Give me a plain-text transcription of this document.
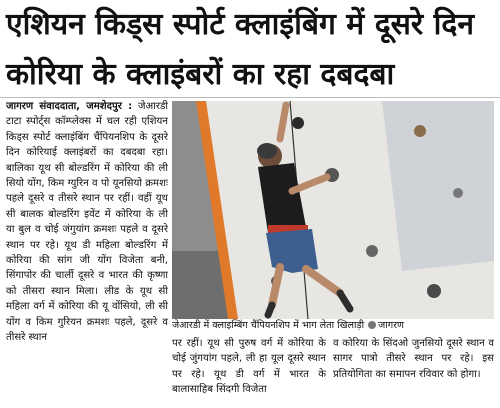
एशियन किड्स स्पोर्ट क्लाइंबिंग में दूसरे दिन
कोरिया के क्लाइंबरों का रहा दबदबा
जागरण संवाददाता, जमशेदपुर : जेआरडी टाटा स्पोर्ट्स कॉम्प्लेक्स में चल रही एशियन किड्स स्पोर्ट क्लाइंबिंग चैंपियनशिप के दूसरे दिन कोरियाई क्लाइंबरों का दबदबा रहा। बालिका यूथ सी बोल्डरिंग में कोरिया की ली सियो योंग, किम ग्युरिन व पो यूनसियो क्रमशः पहले दूसरे व तीसरे स्थान पर रहीं। वहीं यूथ सी बालक बोल्डरिंग इवेंट में कोरिया के ली या बुल व चोई जंगुयांग क्रमशः पहले व दूसरे स्थान पर रहे। यूथ डी महिला बोल्डरिंग में कोरिया की सांग जी योंग विजेता बनी, सिंगापोर की चार्ली दूसरे व भारत की कृष्णा को तीसरा स्थान मिला। लीड के यूथ सी महिला वर्ग में कोरिया की यू वोंसियो, ली सी योंग व किम गुरियन क्रमशः पहले, दूसरे व तीसरे स्थान
जेआरडी में क्लाइम्बिंग चैंपियनशिप में भाग लेता खिलाड़ी जागरण
पर रहीं। यूथ सी पुरुष वर्ग में कोरिया के चोई जुंगयांग पहले, ली हा यूल दूसरे स्थान पर रहे। यूथ डी वर्ग में भारत के बालासाहिब सिंदगी विजेता
व कोरिया के सिंदओ जुनसियो दूसरे स्थान व सागर पात्रो तीसरे स्थान पर रहे। इस प्रतियोगिता का समापन रविवार को होगा।
